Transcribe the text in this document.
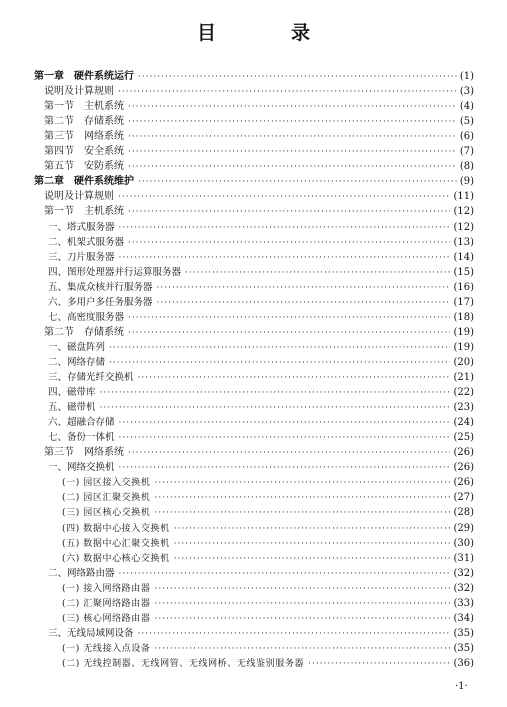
目　录
第一章　硬件系统运行 ·····	(1)
说明及计算规则 ·····	(3)
第一节　主机系统 ·····	(4)
第二节　存储系统 ·····	(5)
第三节　网络系统 ·····	(6)
第四节　安全系统 ·····	(7)
第五节　安防系统 ·····	(8)
第二章　硬件系统维护 ·····	(9)
说明及计算规则 ·····	(11)
第一节　主机系统 ·····	(12)
一、塔式服务器 ·····	(12)
二、机架式服务器 ·····	(13)
三、刀片服务器 ·····	(14)
四、图形处理器并行运算服务器 ·····	(15)
五、集成众核并行服务器 ·····	(16)
六、多用户多任务服务器 ·····	(17)
七、高密度服务器 ·····	(18)
第二节　存储系统 ·····	(19)
一、磁盘阵列 ·····	(19)
二、网络存储 ·····	(20)
三、存储光纤交换机 ·····	(21)
四、磁带库 ·····	(22)
五、磁带机 ·····	(23)
六、超融合存储 ·····	(24)
七、备份一体机 ·····	(25)
第三节　网络系统 ·····	(26)
一、网络交换机 ·····	(26)
(一) 园区接入交换机 ·····	(26)
(二) 园区汇聚交换机 ·····	(27)
(三) 园区核心交换机 ·····	(28)
(四) 数据中心接入交换机 ·····	(29)
(五) 数据中心汇聚交换机 ·····	(30)
(六) 数据中心核心交换机 ·····	(31)
二、网络路由器 ·····	(32)
(一) 接入网络路由器 ·····	(32)
(二) 汇聚网络路由器 ·····	(33)
(三) 核心网络路由器 ·····	(34)
三、无线局域网设备 ·····	(35)
(一) 无线接入点设备 ·····	(35)
(二) 无线控制器、无线网管、无线网桥、无线鉴别服务器 ·····	(36)
·1·
